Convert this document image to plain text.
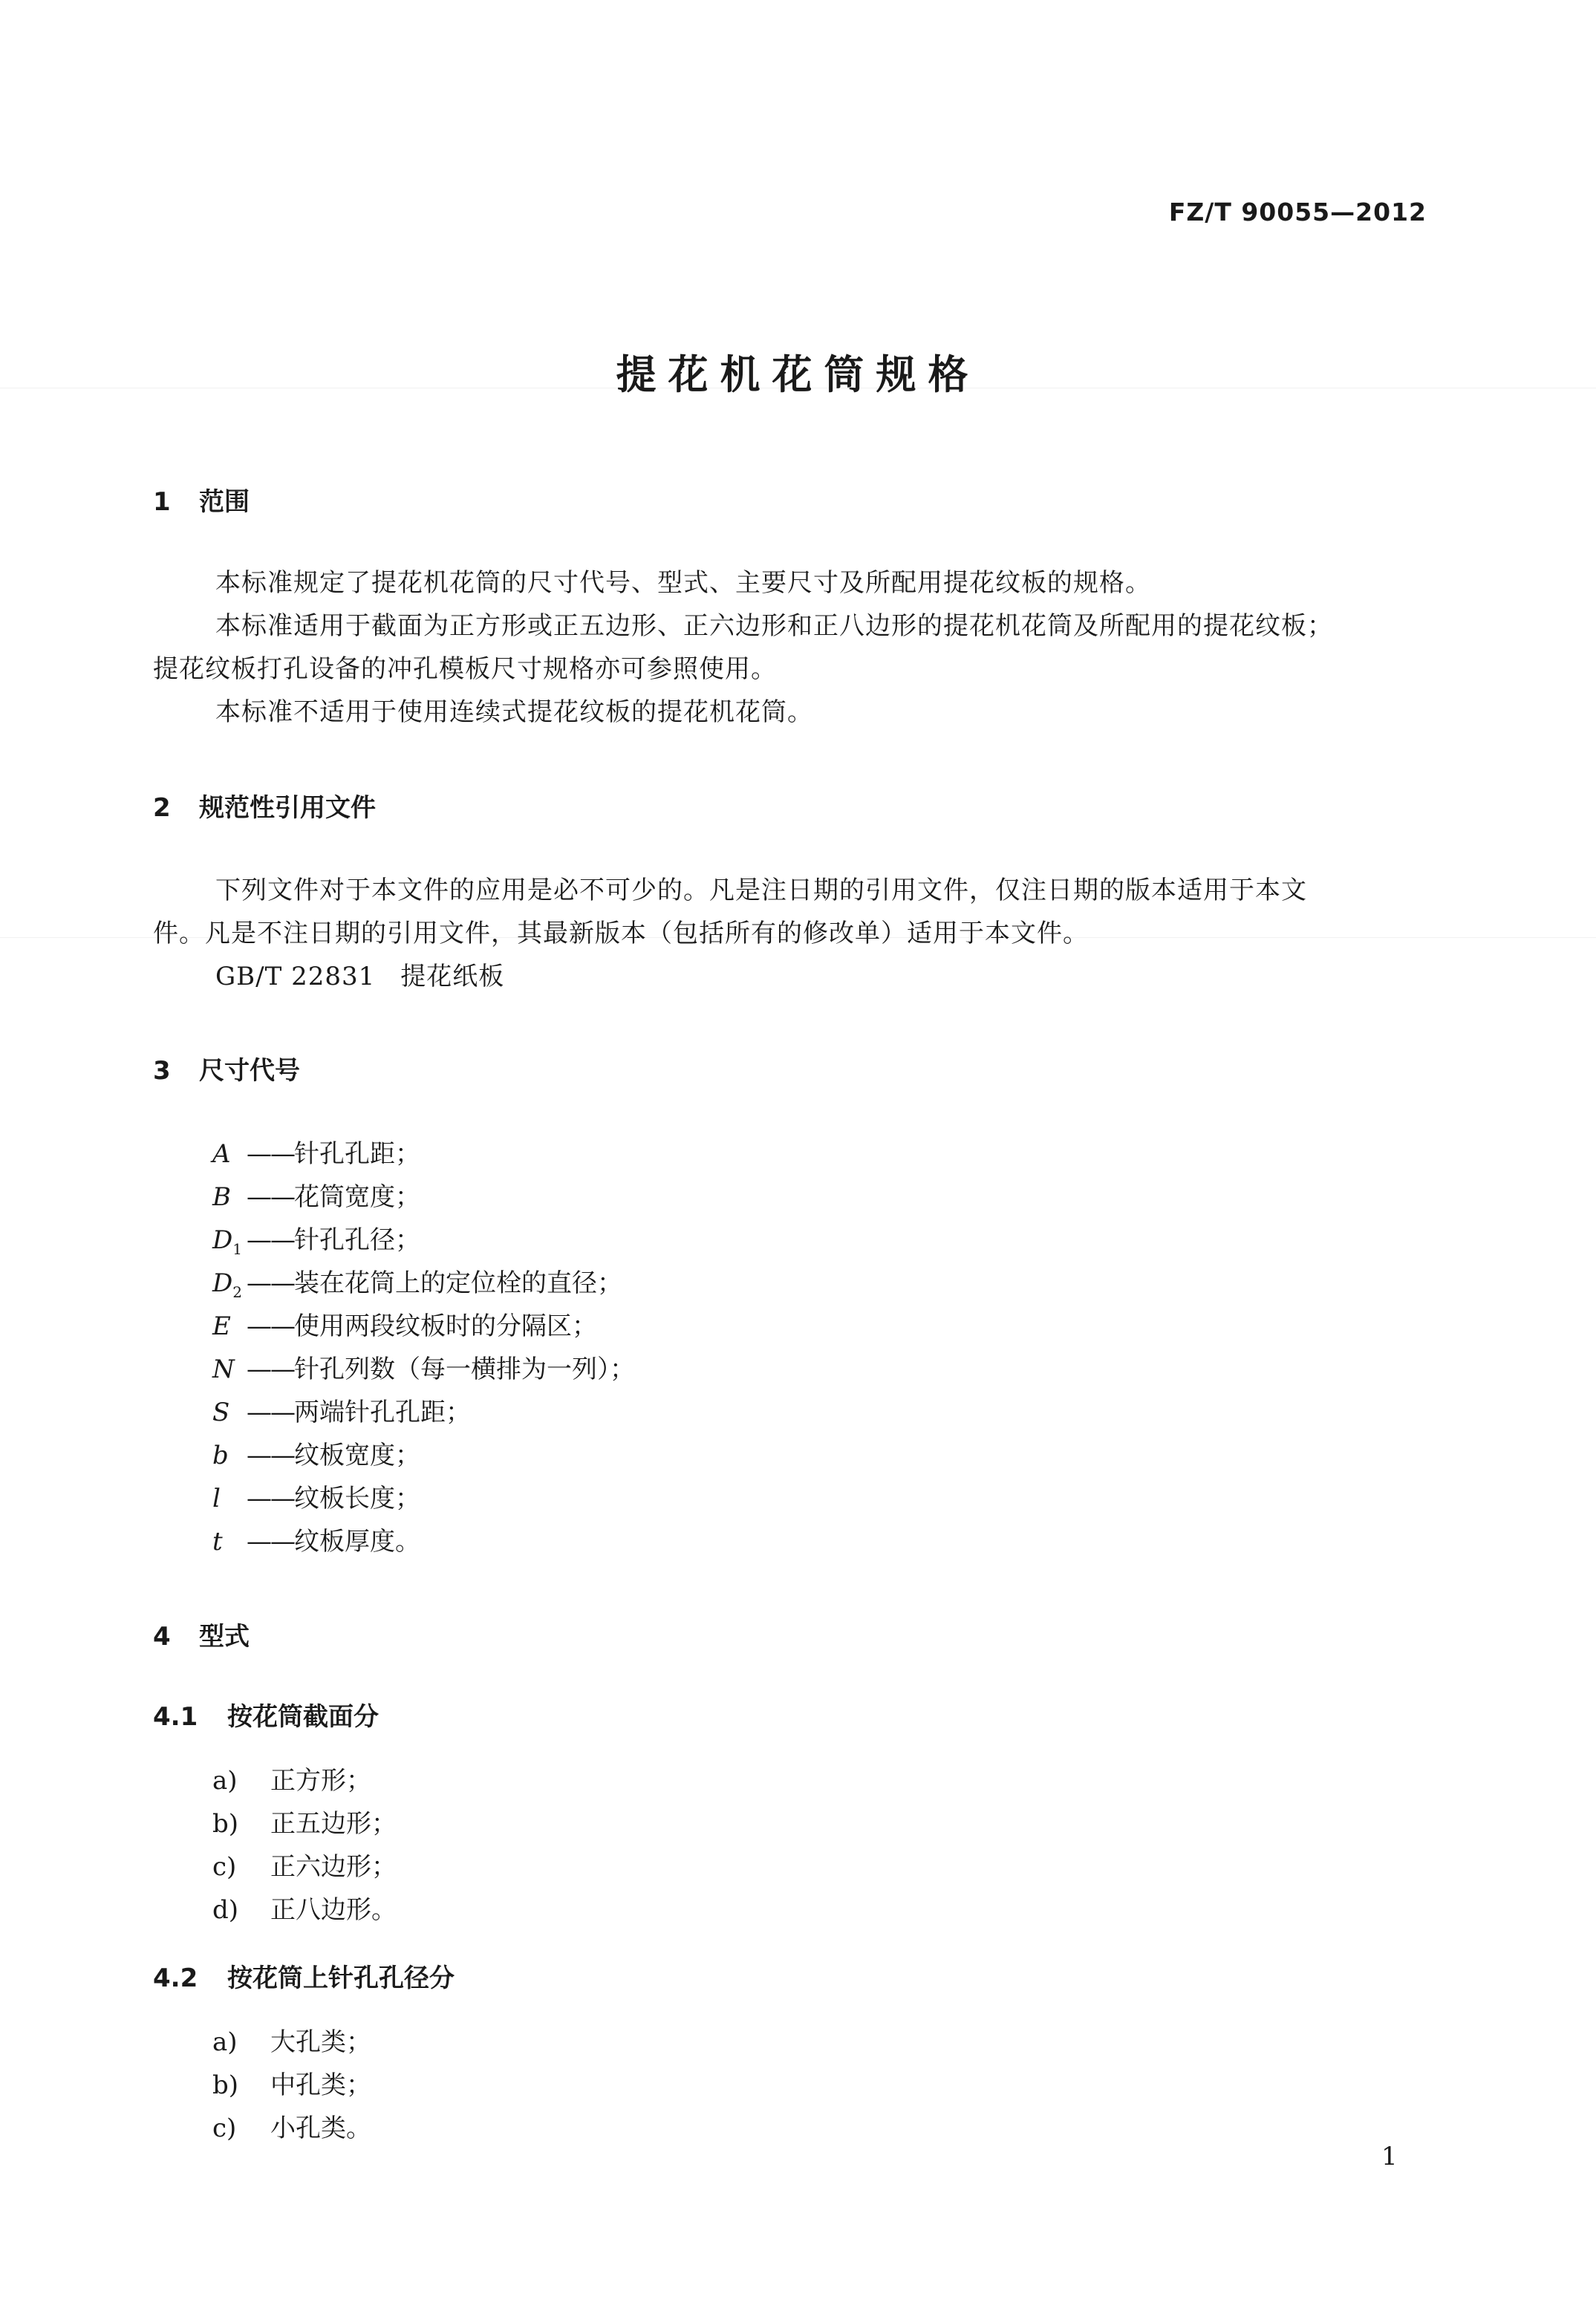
FZ/T 90055—2012
提花机花筒规格
1 范围
本标准规定了提花机花筒的尺寸代号、型式、主要尺寸及所配用提花纹板的规格。
本标准适用于截面为正方形或正五边形、正六边形和正八边形的提花机花筒及所配用的提花纹板；
提花纹板打孔设备的冲孔模板尺寸规格亦可参照使用。
本标准不适用于使用连续式提花纹板的提花机花筒。
2 规范性引用文件
下列文件对于本文件的应用是必不可少的。凡是注日期的引用文件，仅注日期的版本适用于本文
件。凡是不注日期的引用文件，其最新版本（包括所有的修改单）适用于本文件。
GB/T 22831 提花纸板
3 尺寸代号
A ——针孔孔距；
B ——花筒宽度；
$D_1$ ——针孔孔径；
$D_2$ ——装在花筒上的定位栓的直径；
E ——使用两段纹板时的分隔区；
N ——针孔列数（每一横排为一列）；
S ——两端针孔孔距；
b ——纹板宽度；
l ——纹板长度；
t ——纹板厚度。
4 型式
4.1 按花筒截面分
a) 正方形；
b) 正五边形；
c) 正六边形；
d) 正八边形。
4.2 按花筒上针孔孔径分
a) 大孔类；
b) 中孔类；
c) 小孔类。
1
